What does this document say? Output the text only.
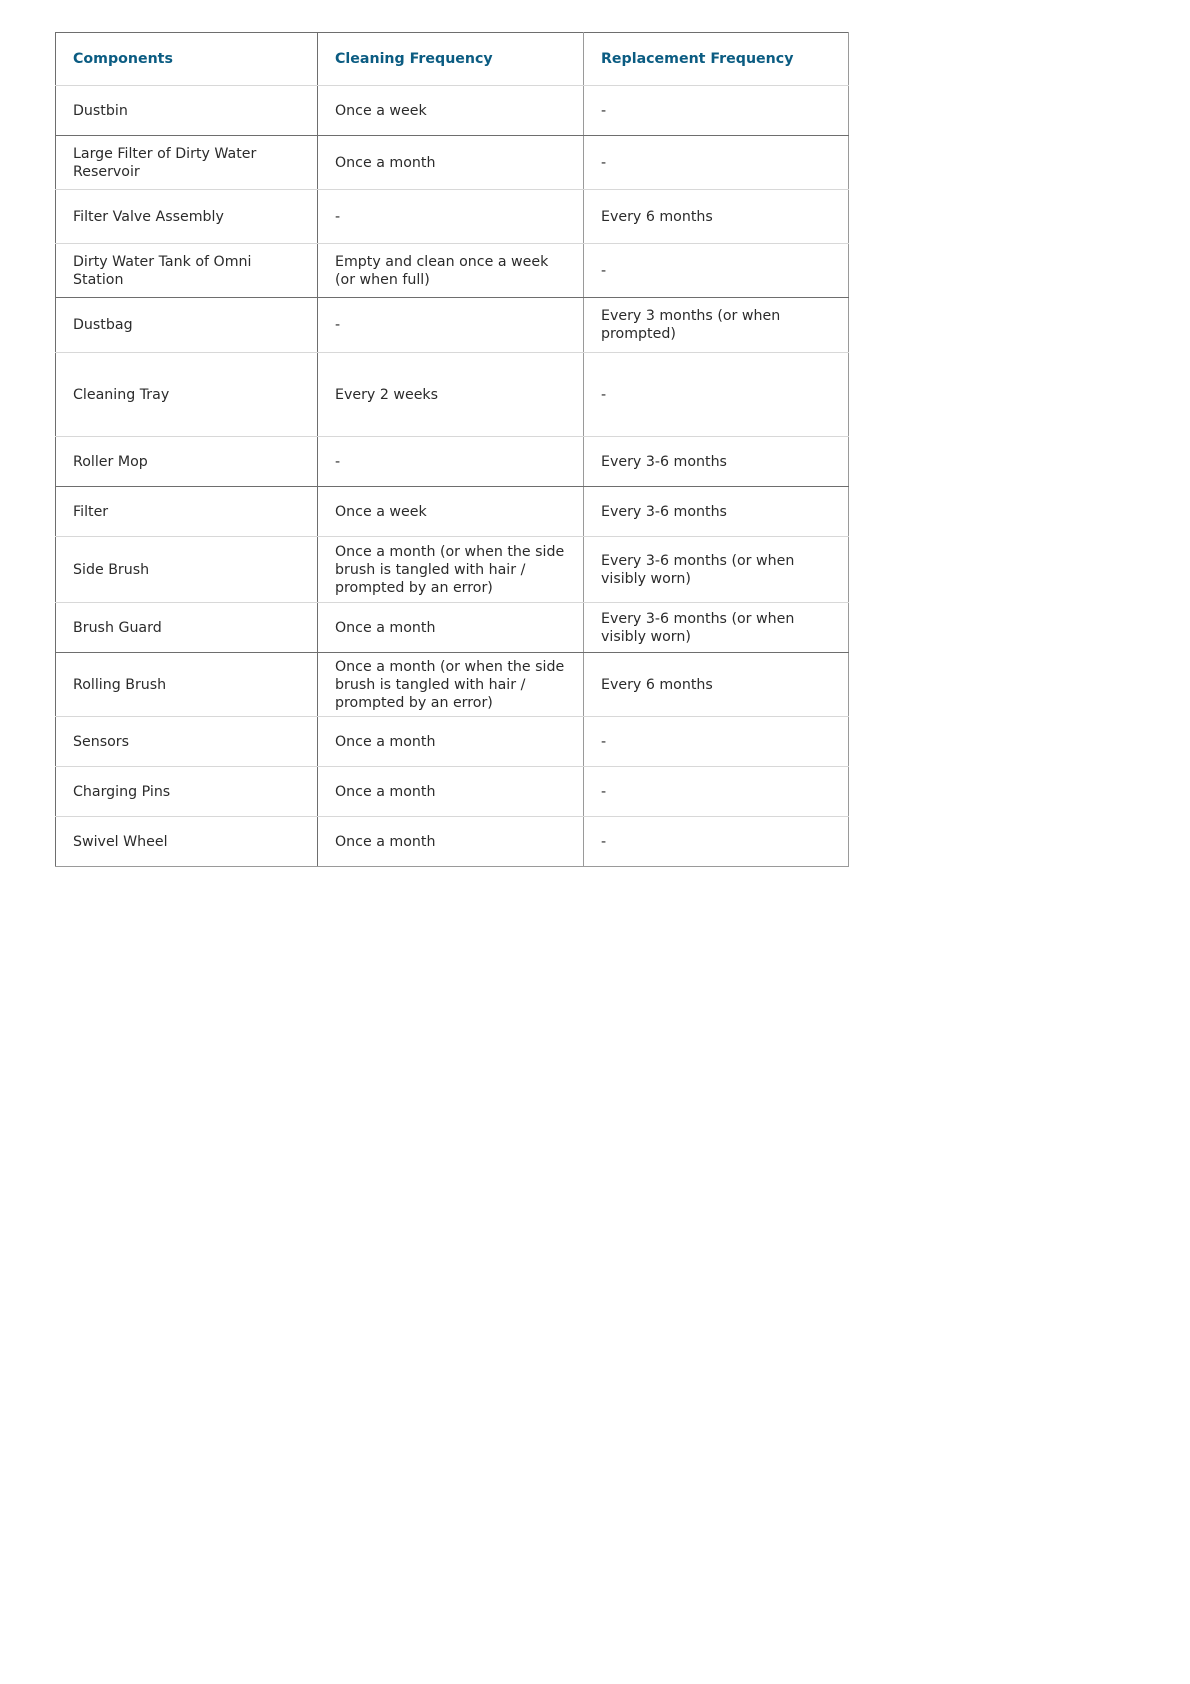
Components	Cleaning Frequency	Replacement Frequency
Dustbin	Once a week	-
Large Filter of Dirty Water Reservoir	Once a month	-
Filter Valve Assembly	-	Every 6 months
Dirty Water Tank of Omni Station	Empty and clean once a week (or when full)	-
Dustbag	-	Every 3 months (or when prompted)
Cleaning Tray	Every 2 weeks	-
Roller Mop	-	Every 3-6 months
Filter	Once a week	Every 3-6 months
Side Brush	Once a month (or when the side brush is tangled with hair / prompted by an error)	Every 3-6 months (or when visibly worn)
Brush Guard	Once a month	Every 3-6 months (or when visibly worn)
Rolling Brush	Once a month (or when the side brush is tangled with hair / prompted by an error)	Every 6 months
Sensors	Once a month	-
Charging Pins	Once a month	-
Swivel Wheel	Once a month	-
